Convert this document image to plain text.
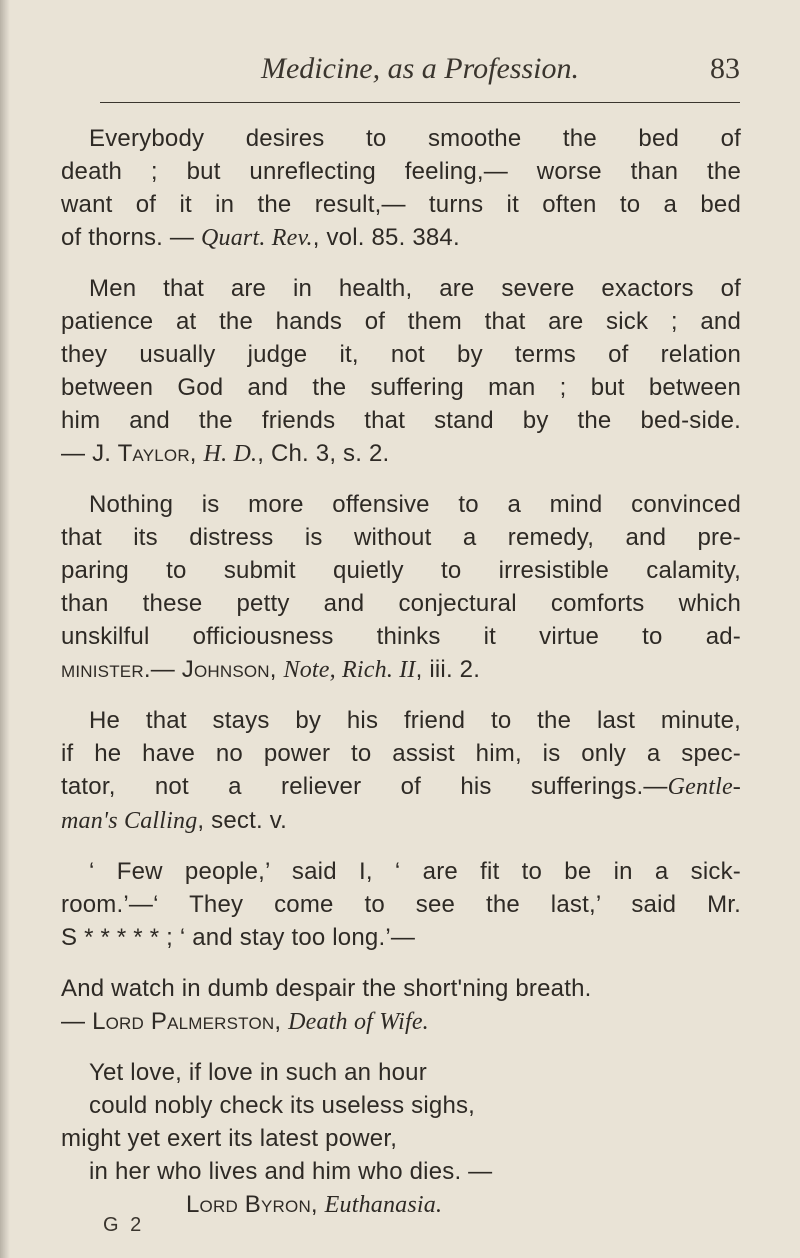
Medicine, as a Profession.	83
Everybody desires to smoothe the bed of
death ; but unreflecting feeling,— worse than the
want of it in the result,— turns it often to a bed
of thorns. — Quart. Rev., vol. 85. 384.
Men that are in health, are severe exactors of
patience at the hands of them that are sick ; and
they usually judge it, not by terms of relation
between God and the suffering man ; but between
him and the friends that stand by the bed-side.
— J. Taylor, H. D., Ch. 3, s. 2.
Nothing is more offensive to a mind convinced
that its distress is without a remedy, and pre-
paring to submit quietly to irresistible calamity,
than these petty and conjectural comforts which
unskilful officiousness thinks it virtue to ad-
minister.— Johnson, Note, Rich. II, iii. 2.
He that stays by his friend to the last minute,
if he have no power to assist him, is only a spec-
tator, not a reliever of his sufferings.—Gentle-
man's Calling, sect. v.
‘ Few people,’ said I, ‘ are fit to be in a sick-
room.’—‘ They come to see the last,’ said Mr.
S * * * * * ; ‘ and stay too long.’—
And watch in dumb despair the short'ning breath.
— Lord Palmerston, Death of Wife.
Yet love, if love in such an hour
could nobly check its useless sighs,
might yet exert its latest power,
in her who lives and him who dies. —
Lord Byron, Euthanasia.
G 2
